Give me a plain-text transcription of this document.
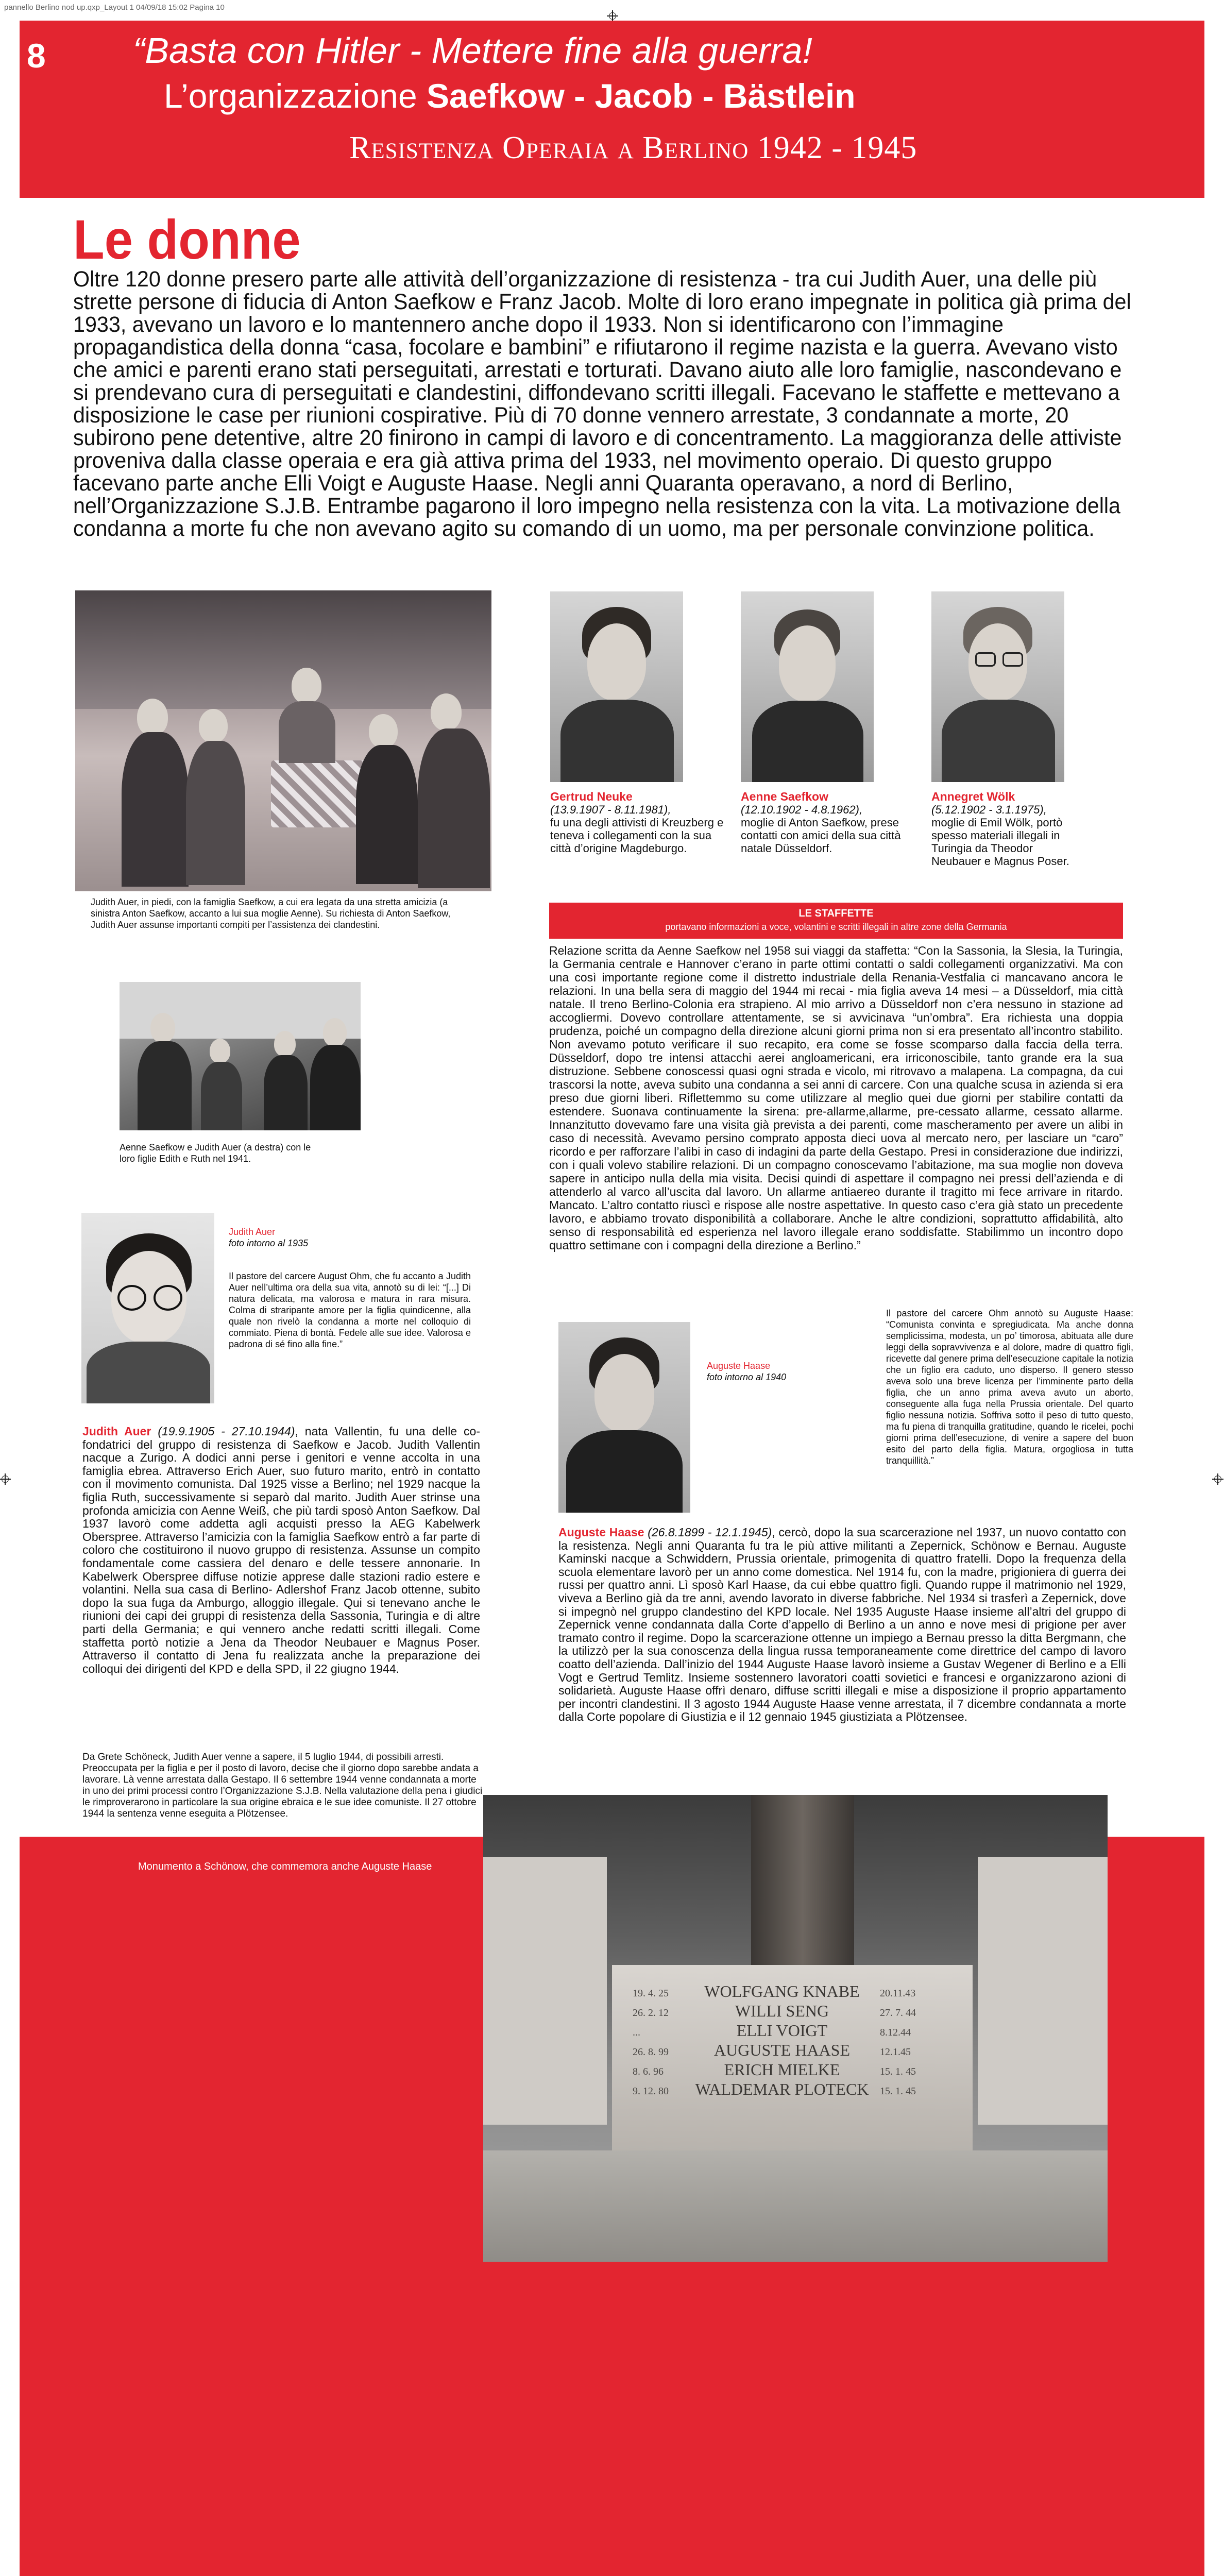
pannello Berlino nod up.qxp_Layout 1 04/09/18 15:02 Pagina 10
8 “Basta con Hitler - Mettere fine alla guerra!
L’organizzazione Saefkow - Jacob - Bästlein
Resistenza Operaia a Berlino 1942 - 1945
Le donne
Oltre 120 donne presero parte alle attività dell’organizzazione di resistenza - tra cui Judith Auer, una delle più strette persone di fiducia di Anton Saefkow e Franz Jacob. Molte di loro erano impegnate in politica già prima del 1933, avevano un lavoro e lo mantennero anche dopo il 1933. Non si identificarono con l’immagine propagandistica della donna “casa, focolare e bambini” e rifiutarono il regime nazista e la guerra. Avevano visto che amici e parenti erano stati perseguitati, arrestati e torturati. Davano aiuto alle loro famiglie, nascondevano e si prendevano cura di perseguitati e clandestini, diffondevano scritti illegali. Facevano le staffette e mettevano a disposizione le case per riunioni cospirative. Più di 70 donne vennero arrestate, 3 condannate a morte, 20 subirono pene detentive, altre 20 finirono in campi di lavoro e di concentramento. La maggioranza delle attiviste proveniva dalla classe operaia e era già attiva prima del 1933, nel movimento operaio. Di questo gruppo facevano parte anche Elli Voigt e Auguste Haase. Negli anni Quaranta operavano, a nord di Berlino, nell’Organizzazione S.J.B. Entrambe pagarono il loro impegno nella resistenza con la vita. La motivazione della condanna a morte fu che non avevano agito su comando di un uomo, ma per personale convinzione politica.
Judith Auer, in piedi, con la famiglia Saefkow, a cui era legata da una stretta amicizia (a sinistra Anton Saefkow, accanto a lui sua moglie Aenne). Su richiesta di Anton Saefkow, Judith Auer assunse importanti compiti per l’assistenza dei clandestini.
Aenne Saefkow e Judith Auer (a destra) con le loro figlie Edith e Ruth nel 1941.
Gertrud Neuke
(13.9.1907 - 8.11.1981),
fu una degli attivisti di Kreuzberg e teneva i collegamenti con la sua città d’origine Magdeburgo.
Aenne Saefkow
(12.10.1902 - 4.8.1962),
moglie di Anton Saefkow, prese contatti con amici della sua città natale Düsseldorf.
Annegret Wölk
(5.12.1902 - 3.1.1975),
moglie di Emil Wölk, portò spesso materiali illegali in Turingia da Theodor Neubauer e Magnus Poser.
LE STAFFETTE
portavano informazioni a voce, volantini e scritti illegali in altre zone della Germania
Relazione scritta da Aenne Saefkow nel 1958 sui viaggi da staffetta: “Con la Sassonia, la Slesia, la Turingia, la Germania centrale e Hannover c’erano in parte ottimi contatti o saldi collegamenti organizzativi. Ma con una così importante regione come il distretto industriale della Renania-Vestfalia ci mancavano ancora le relazioni. In una bella sera di maggio del 1944 mi recai - mia figlia aveva 14 mesi – a Düsseldorf, mia città natale. Il treno Berlino-Colonia era strapieno. Al mio arrivo a Düsseldorf non c’era nessuno in stazione ad accogliermi. Dovevo controllare attentamente, se si avvicinava “un’ombra”. Era richiesta una doppia prudenza, poiché un compagno della direzione alcuni giorni prima non si era presentato all’incontro stabilito. Non avevamo potuto verificare il suo recapito, era come se fosse scomparso dalla faccia della terra. Düsseldorf, dopo tre intensi attacchi aerei angloamericani, era irriconoscibile, tanto grande era la sua distruzione. Sebbene conoscessi quasi ogni strada e vicolo, mi ritrovavo a malapena. La compagna, da cui trascorsi la notte, aveva subito una condanna a sei anni di carcere. Con una qualche scusa in azienda si era preso due giorni liberi. Riflettemmo su come utilizzare al meglio quei due giorni per stabilire contatti da estendere. Suonava continuamente la sirena: pre-allarme,allarme, pre-cessato allarme, cessato allarme. Innanzitutto dovevamo fare una visita già prevista a dei parenti, come mascheramento per avere un alibi in caso di necessità. Avevamo persino comprato apposta dieci uova al mercato nero, per lasciare un “caro” ricordo e per rafforzare l’alibi in caso di indagini da parte della Gestapo. Presi in considerazione due indirizzi, con i quali volevo stabilire relazioni. Di un compagno conoscevamo l’abitazione, ma sua moglie non doveva sapere in anticipo nulla della mia visita. Decisi quindi di aspettare il compagno nei pressi dell’azienda e di attenderlo al varco all’uscita dal lavoro. Un allarme antiaereo durante il tragitto mi fece arrivare in ritardo. Mancato. L’altro contatto riuscì e rispose alle nostre aspettative. In questo caso c’era già stato un precedente lavoro, e abbiamo trovato disponibilità a collaborare. Anche le altre condizioni, soprattutto affidabilità, alto senso di responsabilità ed esperienza nel lavoro illegale erano soddisfatte. Stabilimmo un incontro dopo quattro settimane con i compagni della direzione a Berlino.”
Judith Auer
foto intorno al 1935
Il pastore del carcere August Ohm, che fu accanto a Judith Auer nell’ultima ora della sua vita, annotò su di lei: “[...] Di natura delicata, ma valorosa e matura in rara misura. Colma di straripante amore per la figlia quindicenne, alla quale non rivelò la condanna a morte nel colloquio di commiato. Piena di bontà. Fedele alle sue idee. Valorosa e padrona di sé fino alla fine.”
Judith Auer (19.9.1905 - 27.10.1944), nata Vallentin, fu una delle co-fondatrici del gruppo di resistenza di Saefkow e Jacob. Judith Vallentin nacque a Zurigo. A dodici anni perse i genitori e venne accolta in una famiglia ebrea. Attraverso Erich Auer, suo futuro marito, entrò in contatto con il movimento comunista. Dal 1925 visse a Berlino; nel 1929 nacque la figlia Ruth, successivamente si separò dal marito. Judith Auer strinse una profonda amicizia con Aenne Weiß, che più tardi sposò Anton Saefkow. Dal 1937 lavorò come addetta agli acquisti presso la AEG Kabelwerk Oberspree. Attraverso l’amicizia con la famiglia Saefkow entrò a far parte di coloro che costituirono il nuovo gruppo di resistenza. Assunse un compito fondamentale come cassiera del denaro e delle tessere annonarie. In Kabelwerk Oberspree diffuse notizie apprese dalle stazioni radio estere e volantini. Nella sua casa di Berlino- Adlershof Franz Jacob ottenne, subito dopo la sua fuga da Amburgo, alloggio illegale. Qui si tenevano anche le riunioni dei capi dei gruppi di resistenza della Sassonia, Turingia e di altre parti della Germania; e qui vennero anche redatti scritti illegali. Come staffetta portò notizie a Jena da Theodor Neubauer e Magnus Poser. Attraverso il contatto di Jena fu realizzata anche la preparazione dei colloqui dei dirigenti del KPD e della SPD, il 22 giugno 1944.
Da Grete Schöneck, Judith Auer venne a sapere, il 5 luglio 1944, di possibili arresti. Preoccupata per la figlia e per il posto di lavoro, decise che il giorno dopo sarebbe andata a lavorare. Là venne arrestata dalla Gestapo. Il 6 settembre 1944 venne condannata a morte in uno dei primi processi contro l’Organizzazione S.J.B. Nella valutazione della pena i giudici le rimproverarono in particolare la sua origine ebraica e le sue idee comuniste. Il 27 ottobre 1944 la sentenza venne eseguita a Plötzensee.
Auguste Haase
foto intorno al 1940
Il pastore del carcere Ohm annotò su Auguste Haase: “Comunista convinta e spregiudicata. Ma anche donna semplicissima, modesta, un po’ timorosa, abituata alle dure leggi della sopravvivenza e al dolore, madre di quattro figli, ricevette dal genere prima dell’esecuzione capitale la notizia che un figlio era caduto, uno disperso. Il genero stesso aveva solo una breve licenza per l’imminente parto della figlia, che un anno prima aveva avuto un aborto, conseguente alla fuga nella Prussia orientale. Del quarto figlio nessuna notizia. Soffriva sotto il peso di tutto questo, ma fu piena di tranquilla gratitudine, quando le ricelei, pochi giorni prima dell’esecuzione, di venire a sapere del buon esito del parto della figlia. Matura, orgogliosa in tutta tranquillità.”
Auguste Haase (26.8.1899 - 12.1.1945), cercò, dopo la sua scarcerazione nel 1937, un nuovo contatto con la resistenza. Negli anni Quaranta fu tra le più attive militanti a Zepernick, Schönow e Bernau. Auguste Kaminski nacque a Schwiddern, Prussia orientale, primogenita di quattro fratelli. Dopo la frequenza della scuola elementare lavorò per un anno come domestica. Nel 1914 fu, con la madre, prigioniera di guerra dei russi per quattro anni. Lì sposò Karl Haase, da cui ebbe quattro figli. Quando ruppe il matrimonio nel 1929, viveva a Berlino già da tre anni, avendo lavorato in diverse fabbriche. Nel 1934 si trasferì a Zepernick, dove si impegnò nel gruppo clandestino del KPD locale. Nel 1935 Auguste Haase insieme all’altri del gruppo di Zepernick venne condannata dalla Corte d’appello di Berlino a un anno e nove mesi di prigione per aver tramato contro il regime. Dopo la scarcerazione ottenne un impiego a Bernau presso la ditta Bergmann, che la utilizzò per la sua conoscenza della lingua russa temporaneamente come direttrice del campo di lavoro coatto dell’azienda. Dall’inizio del 1944 Auguste Haase lavorò insieme a Gustav Wegener di Berlino e a Elli Vogt e Gertrud Temlitz. Insieme sostennero lavoratori coatti sovietici e francesi e organizzarono azioni di solidarietà. Auguste Haase offrì denaro, diffuse scritti illegali e mise a disposizione il proprio appartamento per incontri clandestini. Il 3 agosto 1944 Auguste Haase venne arrestata, il 7 dicembre condannata a morte dalla Corte popolare di Giustizia e il 12 gennaio 1945 giustiziata a Plötzensee.
Monumento a Schönow, che commemora anche Auguste Haase
WOLFGANG KNABE
WILLI SENG
ELLI VOIGT
AUGUSTE HAASE
ERICH MIELKE
WALDEMAR PLOTECK
19. 4. 25
26. 2. 12
...
26. 8. 99
8. 6. 96
9. 12. 80
20.11.43
27. 7. 44
8.12.44
12.1.45
15. 1. 45
15. 1. 45
